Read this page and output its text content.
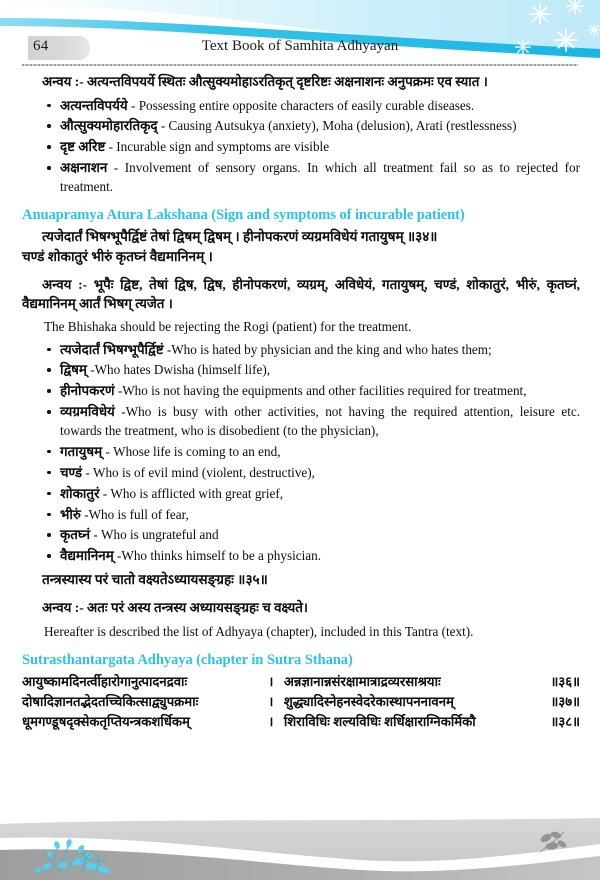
64	Text Book of Samhita Adhyayan

अन्वय :- अत्यन्तविपयर्ये स्थितः औत्सुक्यमोहाऽरतिकृत् दृष्टरिष्टः अक्षनाशनः अनुपक्रमः एव स्यात ।

अत्यन्तविपर्यये - Possessing entire opposite characters of easily curable diseases.
औत्सुक्यमोहारतिकृद् - Causing Autsukya (anxiety), Moha (delusion), Arati (restlessness)
दृष्ट अरिष्ट - Incurable sign and symptoms are visible
अक्षनाशन - Involvement of sensory organs. In which all treatment fail so as to rejected for treatment.
Anuapramya Atura Lakshana (Sign and symptoms of incurable patient)

त्यजेदार्तं भिषग्भूपैर्द्विष्टं तेषां द्विषम् द्विषम् । हीनोपकरणं व्यग्रमविधेयं गतायुषम् ॥३४॥

चण्डं शोकातुरं भीरुं कृतघ्नं वैद्यमानिनम् ।

अन्वय :- भूपैः द्विष्ट, तेषां द्विष, द्विष, हीनोपकरणं, व्यग्रम्, अविधेयं, गतायुषम्, चण्डं, शोकातुरं, भीरुं, कृतघ्नं, वैद्यमानिनम् आर्तं भिषग् त्यजेत ।

The Bhishaka should be rejecting the Rogi (patient) for the treatment.

त्यजेदार्तं भिषग्भूपैर्द्विष्टं -Who is hated by physician and the king and who hates them;
द्विषम् -Who hates Dwisha (himself life),
हीनोपकरणं -Who is not having the equipments and other facilities required for treatment,
व्यग्रमविधेयं -Who is busy with other activities, not having the required attention, leisure etc. towards the treatment, who is disobedient (to the physician),
गतायुषम् - Whose life is coming to an end,
चण्डं - Who is of evil mind (violent, destructive),
शोकातुरं - Who is afflicted with great grief,
भीरुं -Who is full of fear,
कृतघ्नं - Who is ungrateful and
वैद्यमानिनम् -Who thinks himself to be a physician.

तन्त्रस्यास्य परं चातो वक्ष्यतेऽध्यायसङ्ग्रहः ॥३५॥

अन्वय :- अतः परं अस्य तन्त्रस्य अध्यायसङ्ग्रहः च वक्ष्यते।

Hereafter is described the list of Adhyaya (chapter), included in this Tantra (text).

Sutrasthantargata Adhyaya (chapter in Sutra Sthana)
आयुष्कामदिनर्त्वीहारोगानुत्पादनद्रवाः	।	अन्नज्ञानान्नसंरक्षामात्राद्रव्यरसाश्रयाः	॥३६॥
दोषादिज्ञानतद्भेदतच्चिकित्साद्व्युपक्रमाः	।	शुद्ध्यादिस्नेहनस्वेदरेकास्थापननावनम्	॥३७॥
धूमगण्डूषदृक्सेकतृप्तियन्त्रकशर्धिकम्	।	शिराविधिः शल्यविधिः शर्धिक्षाराग्निकर्मिकौ	॥३८॥
